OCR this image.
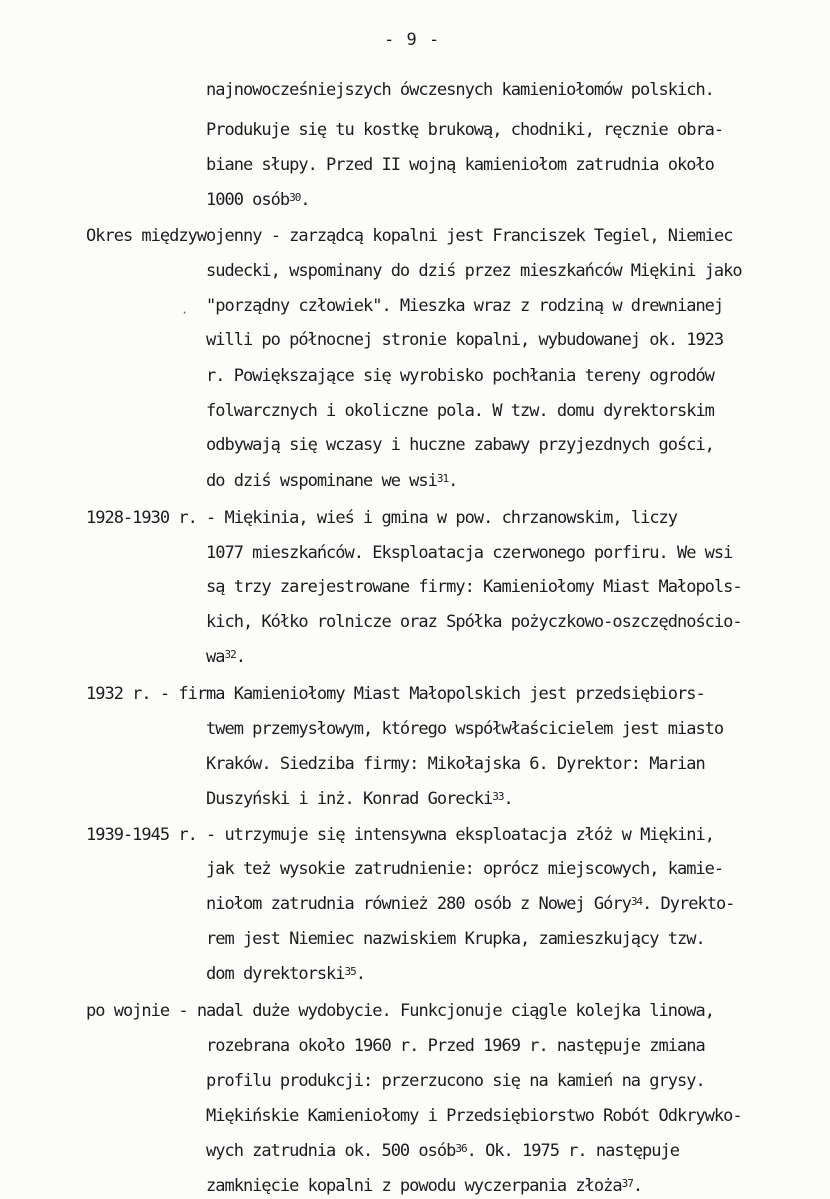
- 9 -
·
najnowocześniejszych ówczesnych kamieniołomów polskich.
Produkuje się tu kostkę brukową, chodniki, ręcznie obra-
biane słupy. Przed II wojną kamieniołom zatrudnia około
1000 osób$^{30}$.
Okres międzywojenny - zarządcą kopalni jest Franciszek Tegiel, Niemiec
sudecki, wspominany do dziś przez mieszkańców Miękini jako
"porządny człowiek". Mieszka wraz z rodziną w drewnianej
willi po północnej stronie kopalni, wybudowanej ok. 1923
r. Powiększające się wyrobisko pochłania tereny ogrodów
folwarcznych i okoliczne pola. W tzw. domu dyrektorskim
odbywają się wczasy i huczne zabawy przyjezdnych gości,
do dziś wspominane we wsi$^{31}$.
1928-1930 r. - Miękinia, wieś i gmina w pow. chrzanowskim, liczy
1077 mieszkańców. Eksploatacja czerwonego porfiru. We wsi
są trzy zarejestrowane firmy: Kamieniołomy Miast Małopols-
kich, Kółko rolnicze oraz Spółka pożyczkowo-oszczędnościo-
$wa^{32}$.
1932 r. - firma Kamieniołomy Miast Małopolskich jest przedsiębiors-
twem przemysłowym, którego współwłaścicielem jest miasto
Kraków. Siedziba firmy: Mikołajska 6. Dyrektor: Marian
Duszyński i inż. Konrad Gorecki$^{33}$.
1939-1945 r. - utrzymuje się intensywna eksploatacja złóż w Miękini,
jak też wysokie zatrudnienie: oprócz miejscowych, kamie-
niołom zatrudnia również 280 osób z Nowej Góry$^{34}$. Dyrekto-
rem jest Niemiec nazwiskiem Krupka, zamieszkujący tzw.
dom dyrektorski$^{35}$.
po wojnie - nadal duże wydobycie. Funkcjonuje ciągle kolejka linowa,
rozebrana około 1960 r. Przed 1969 r. następuje zmiana
profilu produkcji: przerzucono się na kamień na grysy.
Miękińskie Kamieniołomy i Przedsiębiorstwo Robót Odkrywko-
wych zatrudnia ok. 500 osób$^{36}$. Ok. 1975 r. następuje
zamknięcie kopalni z powodu wyczerpania złoża$^{37}$.
